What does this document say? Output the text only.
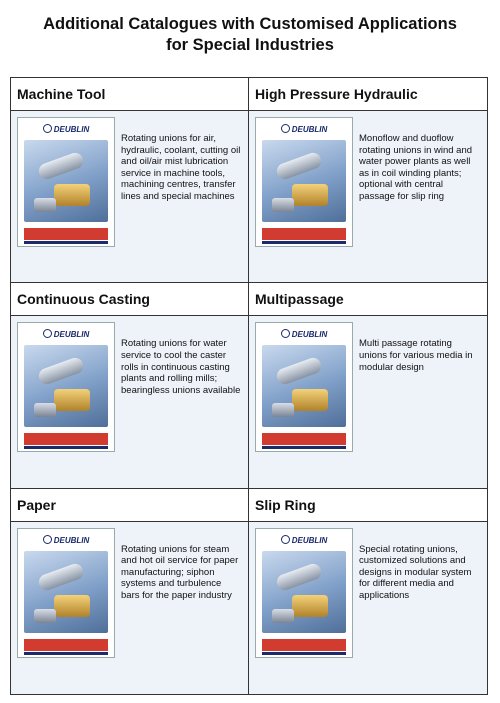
Additional Catalogues with Customised Applications
for Special Industries
Machine Tool
DEUBLIN
Rotating unions for air, hydraulic, coolant, cutting oil and oil/air mist lubrication service in machine tools, machining centres, transfer lines and special machines
High Pressure Hydraulic
DEUBLIN
Monoflow and duoflow rotating unions in wind and water power plants as well as in coil winding plants; optional with central passage for slip ring
Continuous Casting
DEUBLIN
Rotating unions for water service to cool the caster rolls in continuous casting plants and rolling mills; bearingless unions available
Multipassage
DEUBLIN
Multi passage rotating unions for various media in modular design
Paper
DEUBLIN
Rotating unions for steam and hot oil service for paper manufacturing; siphon systems and turbulence bars for the paper industry
Slip Ring
DEUBLIN
Special rotating unions, customized solutions and designs in modular system for different media and applications
